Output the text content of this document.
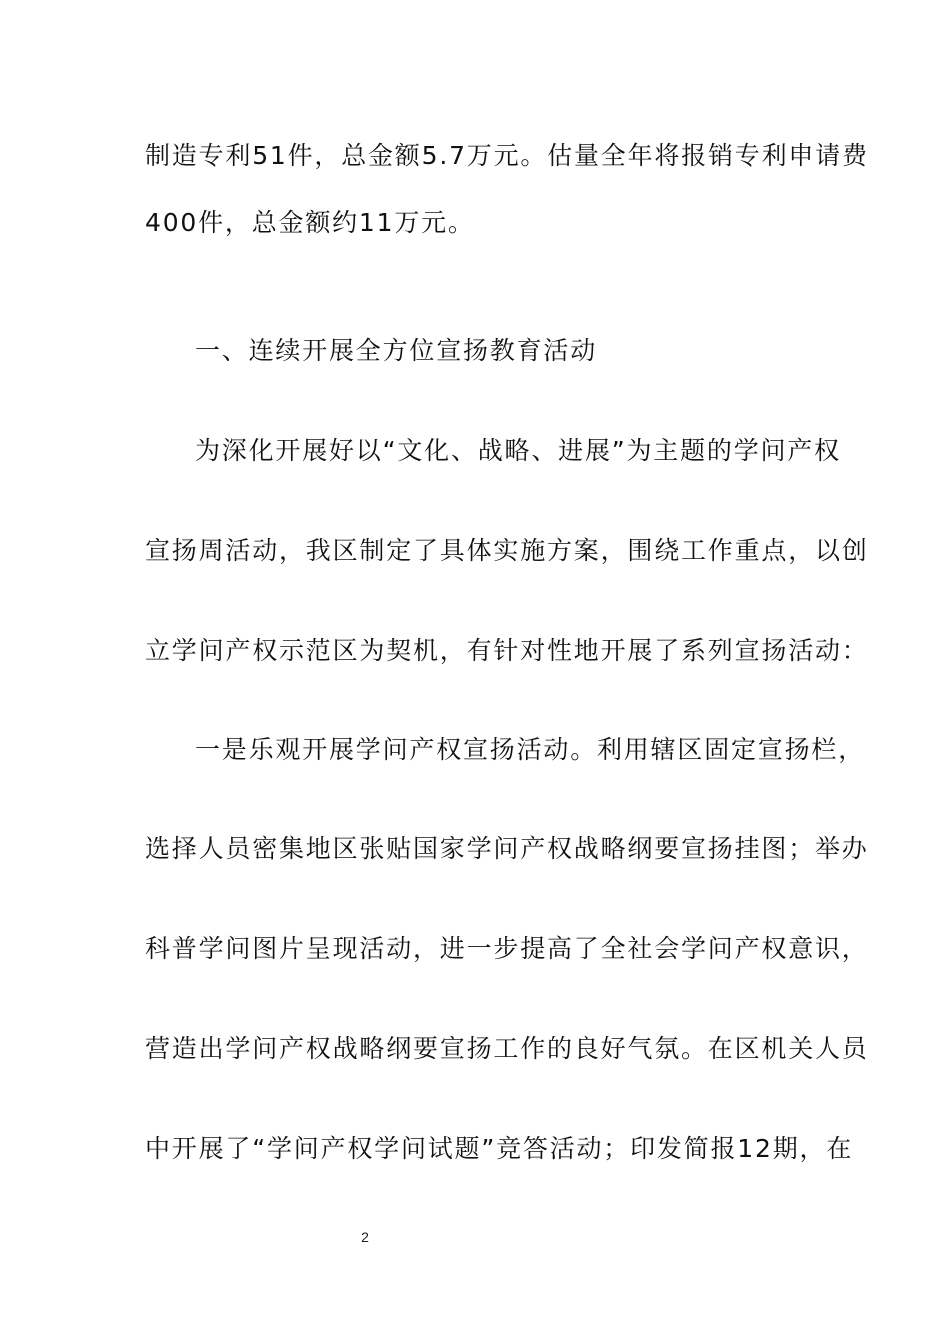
制造专利51件，总金额5.7万元。估量全年将报销专利申请费

400件，总金额约11万元。

一、连续开展全方位宣扬教育活动

为深化开展好以“文化、战略、进展”为主题的学问产权

宣扬周活动，我区制定了具体实施方案，围绕工作重点，以创

立学问产权示范区为契机，有针对性地开展了系列宣扬活动：

一是乐观开展学问产权宣扬活动。利用辖区固定宣扬栏，

选择人员密集地区张贴国家学问产权战略纲要宣扬挂图；举办

科普学问图片呈现活动，进一步提高了全社会学问产权意识，

营造出学问产权战略纲要宣扬工作的良好气氛。在区机关人员

中开展了“学问产权学问试题”竞答活动；印发简报12期，在

2
